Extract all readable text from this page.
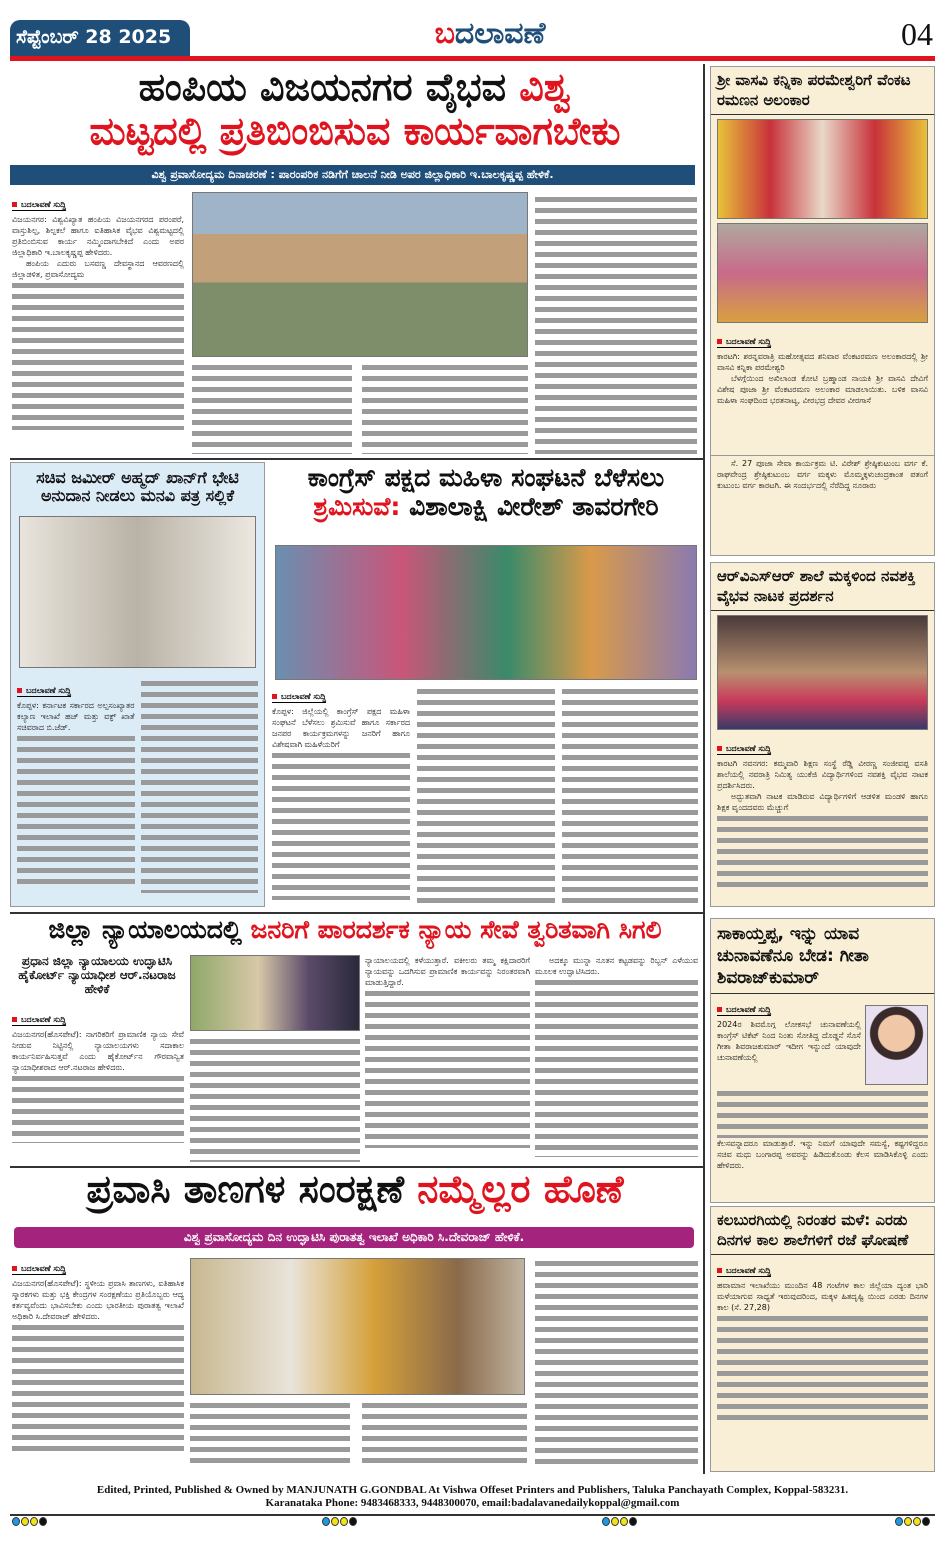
ಸೆಪ್ಟೆಂಬರ್ 28 2025	ಬದಲಾವಣೆ	04
ಹಂಪಿಯ ವಿಜಯನಗರ ವೈಭವ ವಿಶ್ವ
ಮಟ್ಟದಲ್ಲಿ ಪ್ರತಿಬಿಂಬಿಸುವ ಕಾರ್ಯವಾಗಬೇಕು
ವಿಶ್ವ ಪ್ರವಾಸೋದ್ಯಮ ದಿನಾಚರಣೆ : ಪಾರಂಪರಿಕ ನಡಿಗೆಗೆ ಚಾಲನೆ ನೀಡಿ ಅಪರ ಜಿಲ್ಲಾಧಿಕಾರಿ ಇ.ಬಾಲಕೃಷ್ಣಪ್ಪ ಹೇಳಿಕೆ.
ಬದಲಾವಣೆ ಸುದ್ದಿ

ವಿಜಯನಗರ: ವಿಶ್ವವಿಖ್ಯಾತ ಹಂಪಿಯ ವಿಜಯನಗರದ ಪರಂಪರೆ, ವಾಸ್ತುಶಿಲ್ಪ, ಶಿಲ್ಪಕಲೆ ಹಾಗೂ ಐತಿಹಾಸಿಕ ವೈಭವ ವಿಶ್ವಮಟ್ಟದಲ್ಲಿ ಪ್ರತಿಬಿಂಬಿಸುವ ಕಾರ್ಯ ನಮ್ಮಿಂದಾಗಬೇಕಿದೆ ಎಂದು ಅಪರ ಜಿಲ್ಲಾಧಿಕಾರಿ ಇ.ಬಾಲಕೃಷ್ಣಪ್ಪ ಹೇಳಿದರು.

ಹಂಪಿಯ ಎದುರು ಬಸವಣ್ಣ ದೇವಸ್ಥಾನದ ಆವರಣದಲ್ಲಿ ಜಿಲ್ಲಾಡಳಿತ, ಪ್ರವಾಸೋದ್ಯಮ

ಸಚಿವ ಜಮೀರ್ ಅಹ್ಮದ್ ಖಾನ್‌ಗೆ ಭೇಟಿ ಅನುದಾನ ನೀಡಲು ಮನವಿ ಪತ್ರ ಸಲ್ಲಿಕೆ
ಬದಲಾವಣೆ ಸುದ್ದಿ

ಕೊಪ್ಪಳ: ಕರ್ನಾಟಕ ಸರ್ಕಾರದ ಅಲ್ಪಸಂಖ್ಯಾತರ ಕಲ್ಯಾಣ ಇಲಾಖೆ ಹಜ್ ಮತ್ತು ವಕ್ಫ್ ಖಾತೆ ಸಚಿವರಾದ ಬಿ.ಜೆಡ್.

ಕಾಂಗ್ರೆಸ್ ಪಕ್ಷದ ಮಹಿಳಾ ಸಂಘಟನೆ ಬೆಳೆಸಲು
ಶ್ರಮಿಸುವೆ: ವಿಶಾಲಾಕ್ಷಿ ವೀರೇಶ್ ತಾವರಗೇರಿ
ಬದಲಾವಣೆ ಸುದ್ದಿ

ಕೊಪ್ಪಳ: ಜಿಲ್ಲೆಯಲ್ಲಿ ಕಾಂಗ್ರೆಸ್ ಪಕ್ಷದ ಮಹಿಳಾ ಸಂಘಟನೆ ಬೆಳೆಸಲು ಶ್ರಮಿಸುವೆ ಹಾಗೂ ಸರ್ಕಾರದ ಜನಪರ ಕಾರ್ಯಕ್ರಮಗಳನ್ನು ಜನರಿಗೆ ಹಾಗೂ ವಿಶೇಷವಾಗಿ ಮಹಿಳೆಯರಿಗೆ

ಜಿಲ್ಲಾ ನ್ಯಾಯಾಲಯದಲ್ಲಿ ಜನರಿಗೆ ಪಾರದರ್ಶಕ ನ್ಯಾಯ ಸೇವೆ ತ್ವರಿತವಾಗಿ ಸಿಗಲಿ
ಪ್ರಧಾನ ಜಿಲ್ಲಾ ನ್ಯಾಯಾಲಯ ಉದ್ಘಾಟಿಸಿ ಹೈಕೋರ್ಟ್ ನ್ಯಾಯಾಧೀಶ ಆರ್.ನಟರಾಜ ಹೇಳಿಕೆ
ಬದಲಾವಣೆ ಸುದ್ದಿ

ವಿಜಯನಗರ(ಹೊಸಪೇಟೆ): ನಾಗರಿಕರಿಗೆ ಪ್ರಾಮಾಣಿಕ ನ್ಯಾಯ ಸೇವೆ ನೀಡುವ ನಿಟ್ಟಿನಲ್ಲಿ ನ್ಯಾಯಾಲಯಗಳು ಸದಾಕಾಲ ಕಾರ್ಯನಿರ್ವಹಿಸುತ್ತವೆ ಎಂದು ಹೈಕೋರ್ಟ್‌ನ ಗೌರವಾನ್ವಿತ ನ್ಯಾಯಾಧೀಶರಾದ ಆರ್.ನಟರಾಜ ಹೇಳಿದರು.

ನ್ಯಾಯಾಲಯದಲ್ಲಿ ಕಳೆಯುತ್ತಾರೆ. ವಕೀಲರು ತಮ್ಮ ಕಕ್ಷಿದಾರರಿಗೆ ನ್ಯಾಯವನ್ನು ಒದಗಿಸುವ ಪ್ರಾಮಾಣಿಕ ಕಾರ್ಯವನ್ನು ನಿರಂತರವಾಗಿ ಮಾಡುತ್ತಿದ್ದಾರೆ.

ಅದಕ್ಕೂ ಮುನ್ನಾ ನೂತನ ಕಟ್ಟಡವನ್ನು ರಿಬ್ಬನ್ ಎಳೆಯುವ ಮೂಲಕ ಉದ್ಘಾಟಿಸಿದರು.

ಪ್ರವಾಸಿ ತಾಣಗಳ ಸಂರಕ್ಷಣೆ ನಮ್ಮೆಲ್ಲರ ಹೊಣೆ
ವಿಶ್ವ ಪ್ರವಾಸೋದ್ಯಮ ದಿನ ಉದ್ಘಾಟಿಸಿ ಪುರಾತತ್ವ ಇಲಾಖೆ ಅಧಿಕಾರಿ ಸಿ.ದೇವರಾಜ್ ಹೇಳಿಕೆ.
ಬದಲಾವಣೆ ಸುದ್ದಿ

ವಿಜಯನಗರ(ಹೊಸಪೇಟೆ): ಸ್ಥಳೀಯ ಪ್ರವಾಸಿ ತಾಣಗಳು, ಐತಿಹಾಸಿಕ ಸ್ಮಾರಕಗಳು ಮತ್ತು ಭಕ್ತಿ ಕೇಂದ್ರಗಳ ಸಂರಕ್ಷಣೆಯು ಪ್ರತಿಯೊಬ್ಬರು ಆದ್ಯ ಕರ್ತವ್ಯವೆಂದು ಭಾವಿಸಬೇಕು ಎಂದು ಭಾರತೀಯ ಪುರಾತತ್ವ ಇಲಾಖೆ ಅಧಿಕಾರಿ ಸಿ.ದೇವರಾಜ್ ಹೇಳಿದರು.

ಶ್ರೀ ವಾಸವಿ ಕನ್ನಿಕಾ ಪರಮೇಶ್ವರಿಗೆ ವೆಂಕಟ ರಮಣನ ಅಲಂಕಾರ
ಬದಲಾವಣೆ ಸುದ್ದಿ

ಕಾರಟಗಿ: ಶರನ್ನವರಾತ್ರಿ ಮಹೋತ್ಸವದ ಶನಿವಾರ ವೆಂಕಟರಮಣ ಅಲಂಕಾರದಲ್ಲಿ ಶ್ರೀ ವಾಸವಿ ಕನ್ನಿಕಾ ಪರಮೇಶ್ವರಿ

ಬೆಳಗ್ಗೆಯಿಂದ ಅಖಿಲಾಂಡ ಕೋಟಿ ಬ್ರಹ್ಮಾಂಡ ನಾಯಕಿ ಶ್ರೀ ವಾಸವಿ ದೇವಿಗೆ ವಿಶೇಷ ಪೂಜಾ ಶ್ರೀ ವೆಂಕಟರಮಣ ಅಲಂಕಾರ ಮಾಡಲಾಯಿತು. ಬಳಿಕ ವಾಸವಿ ಮಹಿಳಾ ಸಂಘದಿಂದ ಭರತನಾಟ್ಯ, ವೀರಭದ್ರ ದೇವರ ವೀರಗಾಸೆ

ಸೆ. 27 ಪೂಜಾ ಸೇವಾ ಕಾರ್ಯಕ್ರಮ ಟಿ. ವಿರೇಶ್ ಶ್ರೇಷ್ಠಿಕುಟುಂಬ ವರ್ಗ ಕೆ. ರಾಘವೇಂದ್ರ ಶ್ರೇಷ್ಠಿಕುಟುಂಬ ವರ್ಗ ಮಕ್ಕಳು ಮೊಮ್ಮಕ್ಕಳುಚಂದ್ರಕಾಂತ ಪತಂಗೆ ಕುಟುಂಬ ವರ್ಗ ಕಾರಟಗಿ. ಈ ಸಂದರ್ಭದಲ್ಲಿ ನೆರೆದಿದ್ದ ನೂರಾರು

ಆರ್‌ವಿಎಸ್‌ಆರ್ ಶಾಲೆ ಮಕ್ಕಳಿಂದ ನವಶಕ್ತಿ ವೈಭವ ನಾಟಕ ಪ್ರದರ್ಶನ
ಬದಲಾವಣೆ ಸುದ್ದಿ

ಕಾರಟಗಿ ನವನಗರ: ಕಮ್ಮವಾರಿ ಶಿಕ್ಷಣ ಸಂಸ್ಥೆ ರೆಡ್ಡಿ ವೀರಣ್ಣ ಸಂಜೀವಪ್ಪ ವಸತಿ ಶಾಲೆಯಲ್ಲಿ ನವರಾತ್ರಿ ನಿಮಿತ್ಯ ಯುಕೆಜಿ ವಿದ್ಯಾರ್ಥಿಗಳಿಂದ ನವಶಕ್ತಿ ವೈಭವ ನಾಟಕ ಪ್ರದರ್ಶಿಸಿದರು.

ಅದ್ಭುತವಾಗಿ ನಾಟಕ ಮಾಡಿರುವ ವಿದ್ಯಾರ್ಥಿಗಳಿಗೆ ಆಡಳಿತ ಮಂಡಳಿ ಹಾಗೂ ಶಿಕ್ಷಕ ವೃಂದದವರು ಮೆಚ್ಚುಗೆ

ಸಾಕಾಯ್ತಪ್ಪ, ಇನ್ನು ಯಾವ ಚುನಾವಣೆನೂ ಬೇಡ: ಗೀತಾ ಶಿವರಾಜ್‌ಕುಮಾರ್
ಬದಲಾವಣೆ ಸುದ್ದಿ

2024ರ ಶಿವಮೊಗ್ಗ ಲೋಕಸಭೆ ಚುನಾವಣೆಯಲ್ಲಿ ಕಾಂಗ್ರೆಸ್ ಟಿಕೆಟ್ ನಿಂದ ನಿಂತು ಸೋತಿದ್ದ ದೊಡ್ಡನೆ ಸೊಸೆ ಗೀತಾ ಶಿವರಾಜಕುಮಾರ್ ಇದೀಗ ಇನ್ನುಂದೆ ಯಾವುದೇ ಚುನಾವಣೆಯಲ್ಲಿ

ಕೆಲಸವನ್ನಾದರೂ ಮಾಡುತ್ತಾರೆ. ಇನ್ನು ನಿಮಗೆ ಯಾವುದೇ ಸಮಸ್ಯೆ, ಕಷ್ಟಗಳಿದ್ದರೂ ಸಚಿವ ಮಧು ಬಂಗಾರಪ್ಪ ಅವರನ್ನು ಹಿಡಿದುಕೊಂಡು ಕೆಲಸ ಮಾಡಿಸಿಕೊಳ್ಳಿ ಎಂದು ಹೇಳಿದರು.

ಕಲಬುರಗಿಯಲ್ಲಿ ನಿರಂತರ ಮಳೆ: ಎರಡು ದಿನಗಳ ಕಾಲ ಶಾಲೆಗಳಿಗೆ ರಜೆ ಘೋಷಣೆ
ಬದಲಾವಣೆ ಸುದ್ದಿ

ಹವಾಮಾನ ಇಲಾಖೆಯು ಮುಂದಿನ 48 ಗಂಟೆಗಳ ಕಾಲ ಜಿಲ್ಲೆಯಾ ದ್ಯಂತ ಭಾರಿ ಮಳೆಯಾಗುವ ಸಾಧ್ಯತೆ ಇರುವುದರಿಂದ, ಮಕ್ಕಳ ಹಿತದೃಷ್ಟಿ ಯಿಂದ ಎರಡು ದಿನಗಳ ಕಾಲ (ಸೆ. 27,28)

Edited, Printed, Published & Owned by MANJUNATH G.GONDBAL At Vishwa Offeset Printers and Publishers, Taluka Panchayath Complex, Koppal-583231.
Karanataka Phone: 9483468333, 9448300070, email:badalavanedailykoppal@gmail.com
